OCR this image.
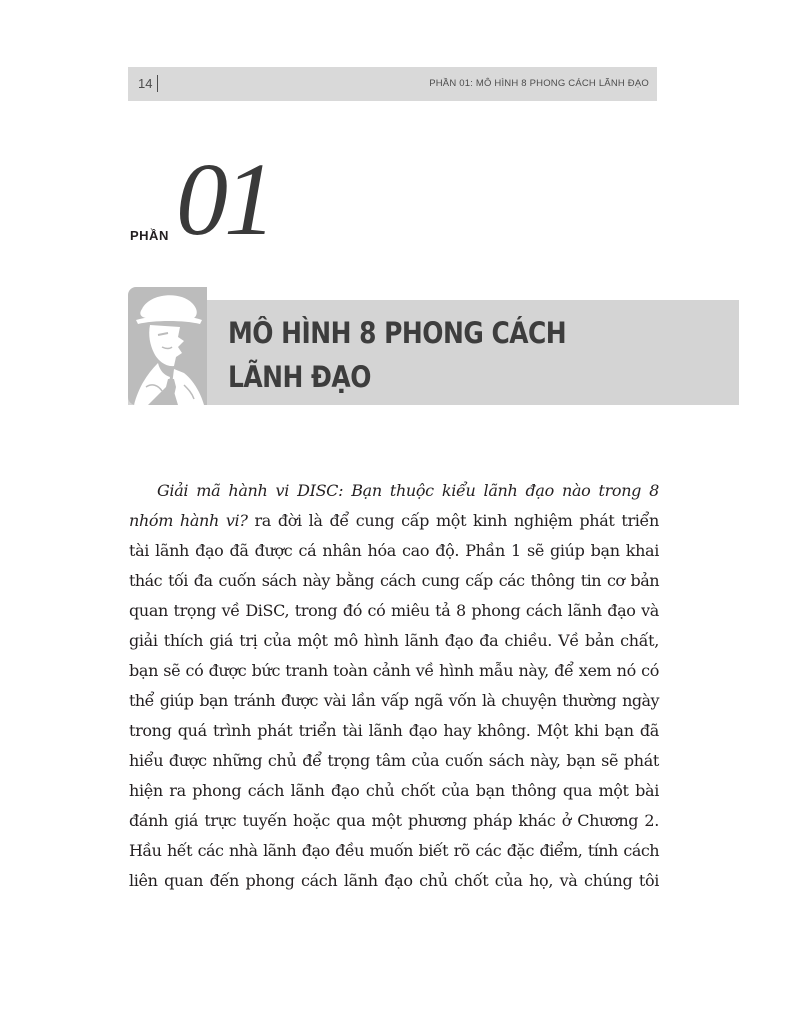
14	PHẦN 01: MÔ HÌNH 8 PHONG CÁCH LÃNH ĐẠO
PHẦN 01
MÔ HÌNH 8 PHONG CÁCH
LÃNH ĐẠO
Giải mã hành vi DISC: Bạn thuộc kiểu lãnh đạo nào trong 8
nhóm hành vi? ra đời là để cung cấp một kinh nghiệm phát triển
tài lãnh đạo đã được cá nhân hóa cao độ. Phần 1 sẽ giúp bạn khai
thác tối đa cuốn sách này bằng cách cung cấp các thông tin cơ bản
quan trọng về DiSC, trong đó có miêu tả 8 phong cách lãnh đạo và
giải thích giá trị của một mô hình lãnh đạo đa chiều. Về bản chất,
bạn sẽ có được bức tranh toàn cảnh về hình mẫu này, để xem nó có
thể giúp bạn tránh được vài lần vấp ngã vốn là chuyện thường ngày
trong quá trình phát triển tài lãnh đạo hay không. Một khi bạn đã
hiểu được những chủ để trọng tâm của cuốn sách này, bạn sẽ phát
hiện ra phong cách lãnh đạo chủ chốt của bạn thông qua một bài
đánh giá trực tuyến hoặc qua một phương pháp khác ở Chương 2.
Hầu hết các nhà lãnh đạo đều muốn biết rõ các đặc điểm, tính cách
liên quan đến phong cách lãnh đạo chủ chốt của họ, và chúng tôi
